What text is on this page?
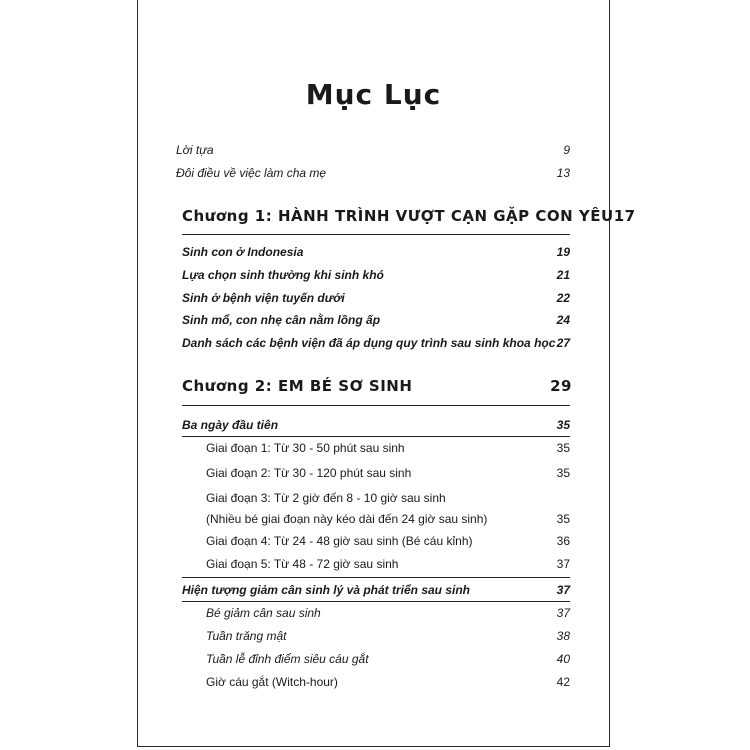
Mục Lục
Lời tựa	9
Đôi điều về việc làm cha mẹ	13
Chương 1: HÀNH TRÌNH VƯỢT CẠN GẶP CON YÊU 17
Sinh con ở Indonesia	19
Lựa chọn sinh thường khi sinh khó	21
Sinh ở bệnh viện tuyến dưới	22
Sinh mổ, con nhẹ cân nằm lồng ấp	24
Danh sách các bệnh viện đã áp dụng quy trình sau sinh khoa học 27
Chương 2: EM BÉ SƠ SINH	29
Ba ngày đầu tiên	35
Giai đoạn 1: Từ 30 - 50 phút sau sinh	35
Giai đoạn 2: Từ 30 - 120 phút sau sinh	35
Giai đoạn 3: Từ 2 giờ đến 8 - 10 giờ sau sinh
(Nhiều bé giai đoạn này kéo dài đến 24 giờ sau sinh)	35
Giai đoạn 4: Từ 24 - 48 giờ sau sinh (Bé cáu kỉnh)	36
Giai đoạn 5: Từ 48 - 72 giờ sau sinh	37
Hiện tượng giảm cân sinh lý và phát triển sau sinh	37
Bé giảm cân sau sinh	37
Tuần trăng mật	38
Tuần lễ đỉnh điểm siêu cáu gắt	40
Giờ cáu gắt (Witch-hour)	42
